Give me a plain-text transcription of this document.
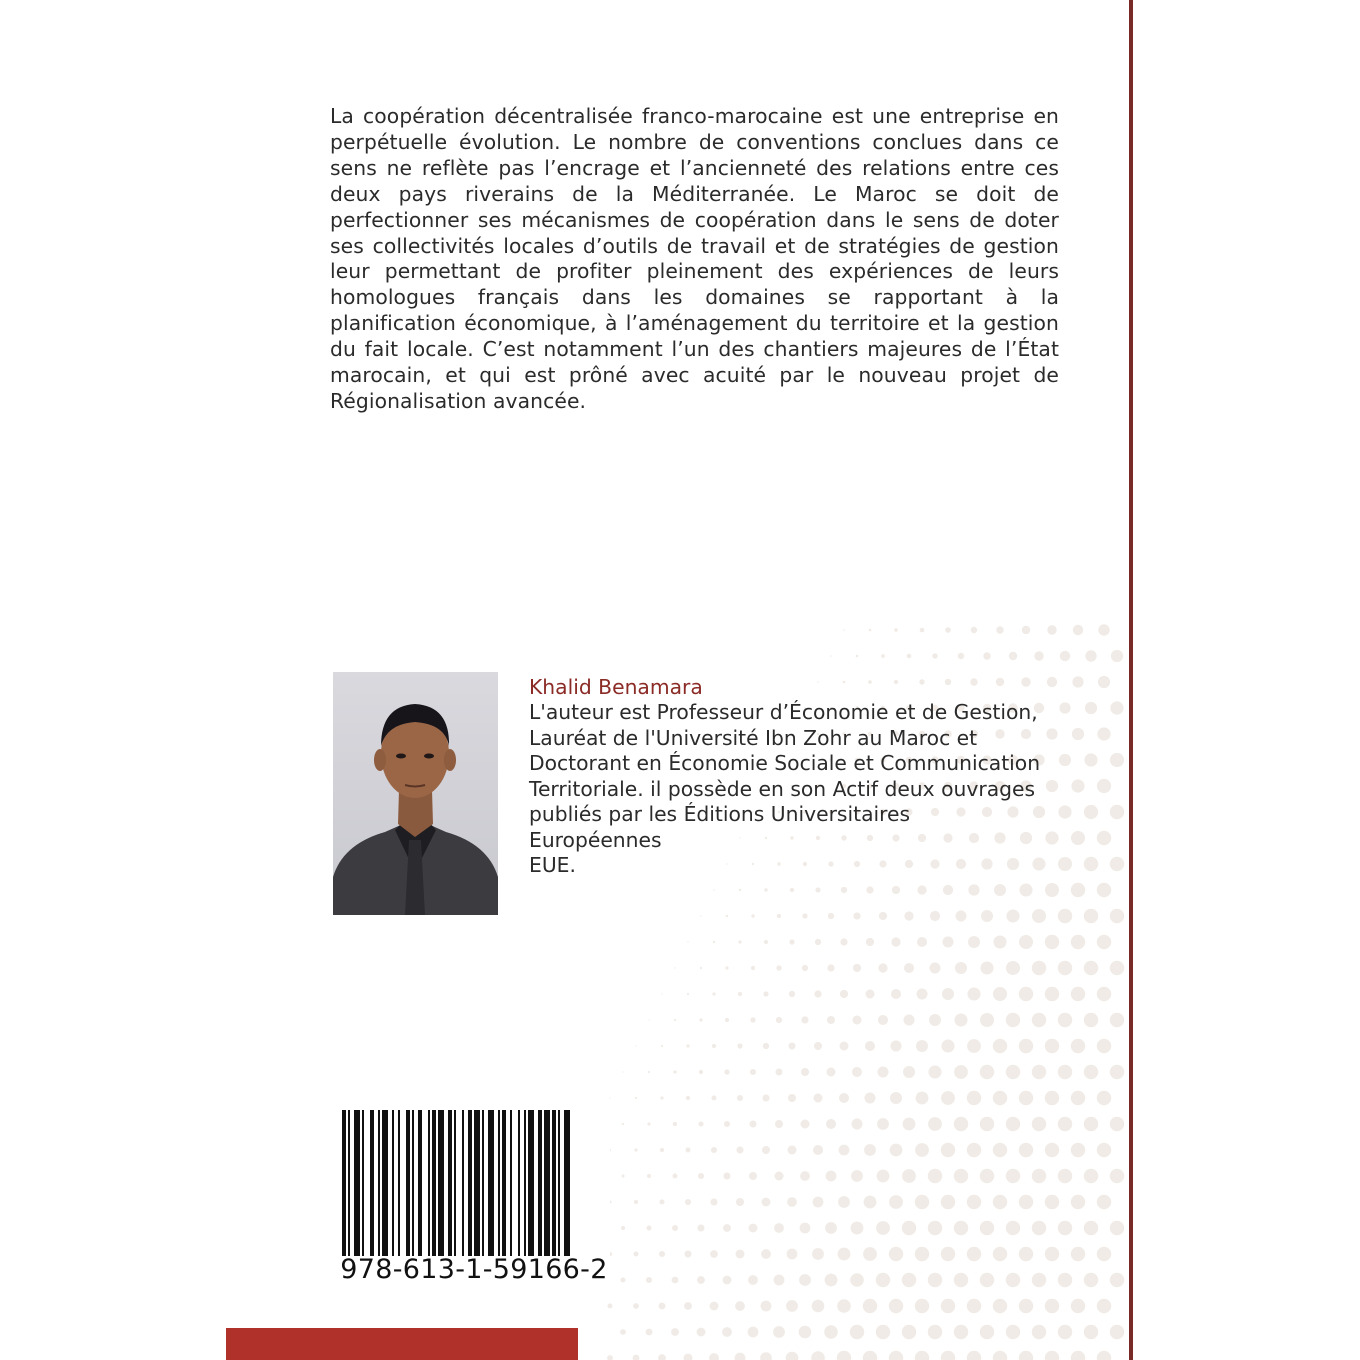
La coopération décentralisée franco-marocaine est une entreprise en perpétuelle évolution. Le nombre de conventions conclues dans ce sens ne reflète pas l’encrage et l’ancienneté des relations entre ces deux pays riverains de la Méditerranée. Le Maroc se doit de perfectionner ses mécanismes de coopération dans le sens de doter ses collectivités locales d’outils de travail et de stratégies de gestion leur permettant de profiter pleinement des expériences de leurs homologues français dans les domaines se rapportant à la planification économique, à l’aménagement du territoire et la gestion du fait locale. C’est notamment l’un des chantiers majeures de l’État marocain, et qui est prôné avec acuité par le nouveau projet de Régionalisation avancée.

Khalid Benamara
L'auteur est Professeur d’Économie et de Gestion,
Lauréat de l'Université Ibn Zohr au Maroc et
Doctorant en Économie Sociale et Communication
Territoriale. il possède en son Actif deux ouvrages
publiés par les Éditions Universitaires Européennes
EUE.
978-613-1-59166-2
